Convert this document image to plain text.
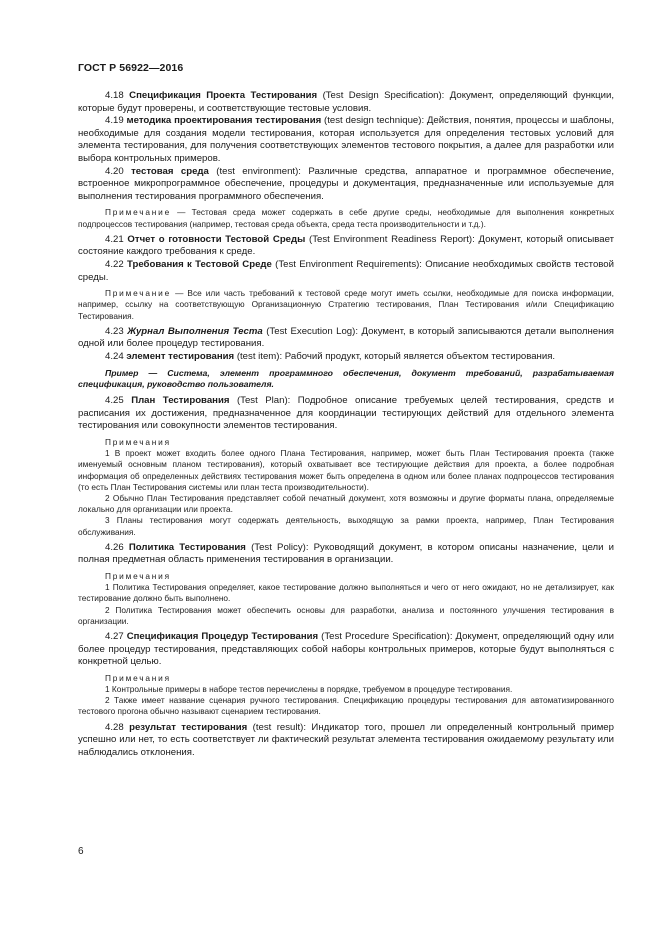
ГОСТ Р 56922—2016

4.18 Спецификация Проекта Тестирования (Test Design Specification): Документ, определяющий функции, которые будут проверены, и соответствующие тестовые условия.

4.19 методика проектирования тестирования (test design technique): Действия, понятия, процессы и шаблоны, необходимые для создания модели тестирования, которая используется для определения тестовых условий для элемента тестирования, для получения соответствующих элементов тестового покрытия, а далее для разработки или выбора контрольных примеров.

4.20 тестовая среда (test environment): Различные средства, аппаратное и программное обеспечение, встроенное микропрограммное обеспечение, процедуры и документация, предназначенные или используемые для выполнения тестирования программного обеспечения.

Примечание — Тестовая среда может содержать в себе другие среды, необходимые для выполнения конкретных подпроцессов тестирования (например, тестовая среда объекта, среда теста производительности и т.д.).

4.21 Отчет о готовности Тестовой Среды (Test Environment Readiness Report): Документ, который описывает состояние каждого требования к среде.

4.22 Требования к Тестовой Среде (Test Environment Requirements): Описание необходимых свойств тестовой среды.

Примечание — Все или часть требований к тестовой среде могут иметь ссылки, необходимые для поиска информации, например, ссылку на соответствующую Организационную Стратегию тестирования, План Тестирования и/или Спецификацию Тестирования.

4.23 Журнал Выполнения Теста (Test Execution Log): Документ, в который записываются детали выполнения одной или более процедур тестирования.

4.24 элемент тестирования (test item): Рабочий продукт, который является объектом тестирования.

Пример — Система, элемент программного обеспечения, документ требований, разрабатываемая спецификация, руководство пользователя.

4.25 План Тестирования (Test Plan): Подробное описание требуемых целей тестирования, средств и расписания их достижения, предназначенное для координации тестирующих действий для отдельного элемента тестирования или совокупности элементов тестирования.

Примечания

1 В проект может входить более одного Плана Тестирования, например, может быть План Тестирования проекта (также именуемый основным планом тестирования), который охватывает все тестирующие действия для проекта, а более подробная информация об определенных действиях тестирования может быть определена в одном или более планах подпроцессов тестирования (то есть План Тестирования системы или план теста производительности).

2 Обычно План Тестирования представляет собой печатный документ, хотя возможны и другие форматы плана, определяемые локально для организации или проекта.

3 Планы тестирования могут содержать деятельность, выходящую за рамки проекта, например, План Тестирования обслуживания.

4.26 Политика Тестирования (Test Policy): Руководящий документ, в котором описаны назначение, цели и полная предметная область применения тестирования в организации.

Примечания

1 Политика Тестирования определяет, какое тестирование должно выполняться и чего от него ожидают, но не детализирует, как тестирование должно быть выполнено.

2 Политика Тестирования может обеспечить основы для разработки, анализа и постоянного улучшения тестирования в организации.

4.27 Спецификация Процедур Тестирования (Test Procedure Specification): Документ, определяющий одну или более процедур тестирования, представляющих собой наборы контрольных примеров, которые будут выполняться с конкретной целью.

Примечания

1 Контрольные примеры в наборе тестов перечислены в порядке, требуемом в процедуре тестирования.

2 Также имеет название сценария ручного тестирования. Спецификацию процедуры тестирования для автоматизированного тестового прогона обычно называют сценарием тестирования.

4.28 результат тестирования (test result): Индикатор того, прошел ли определенный контрольный пример успешно или нет, то есть соответствует ли фактический результат элемента тестирования ожидаемому результату или наблюдались отклонения.

6
